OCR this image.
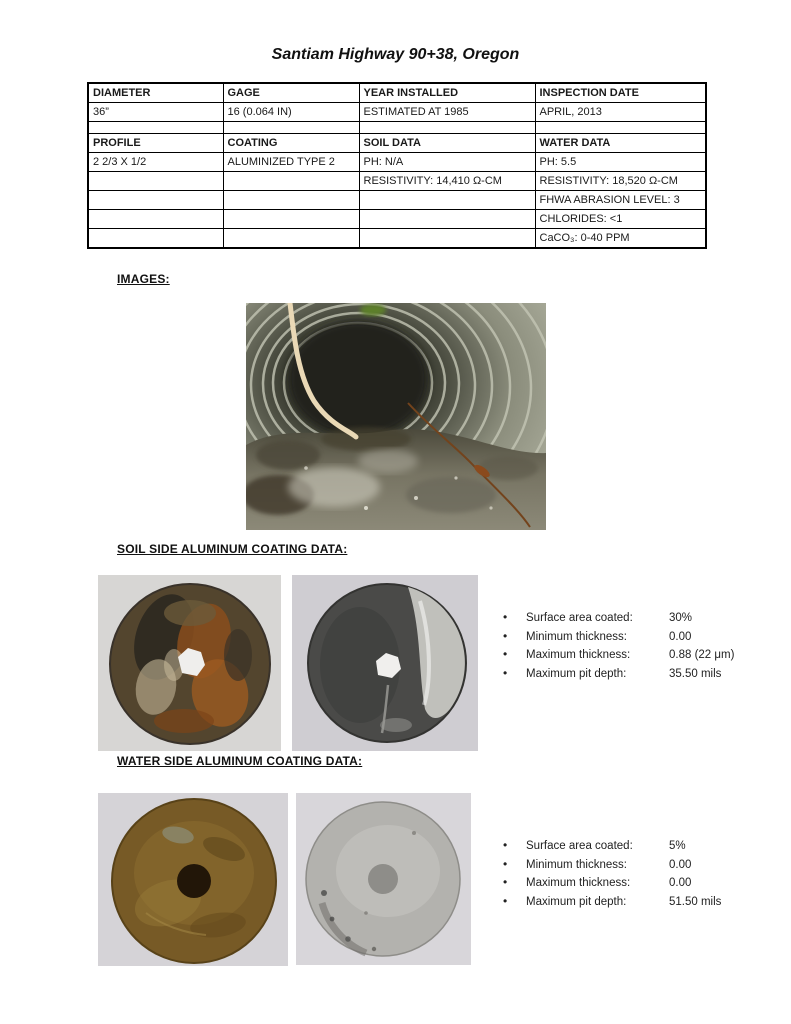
Santiam Highway 90+38, Oregon
DIAMETER	GAGE	YEAR INSTALLED	INSPECTION DATE
36”	16 (0.064 IN)	ESTIMATED AT 1985	APRIL, 2013

PROFILE	COATING	SOIL DATA	WATER DATA
2 2/3 X 1/2	ALUMINIZED TYPE 2	PH: N/A	PH: 5.5
		RESISTIVITY: 14,410 Ω-CM	RESISTIVITY: 18,520 Ω-CM
			FHWA ABRASION LEVEL: 3
			CHLORIDES: <1
			CaCO₃: 0-40 PPM

IMAGES:

SOIL SIDE ALUMINUM COATING DATA:

•	Surface area coated:	30%
•	Minimum thickness:	0.00
•	Maximum thickness:	0.88 (22 μm)
•	Maximum pit depth:	35.50 mils

WATER SIDE ALUMINUM COATING DATA:

•	Surface area coated:	5%
•	Minimum thickness:	0.00
•	Maximum thickness:	0.00
•	Maximum pit depth:	51.50 mils
